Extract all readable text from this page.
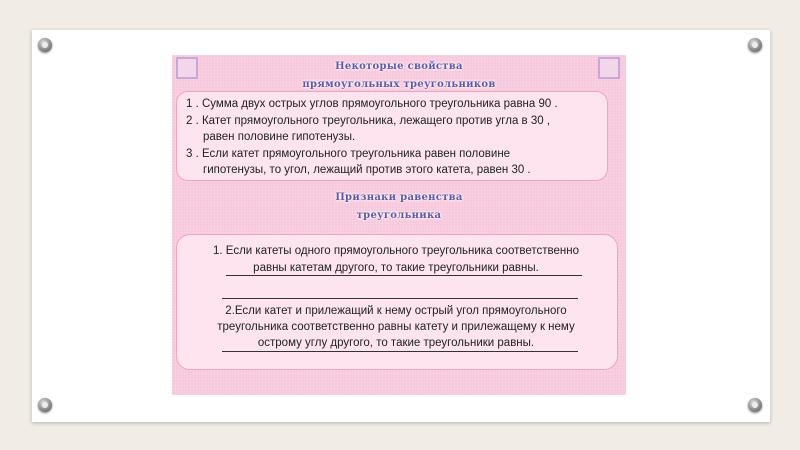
Некоторые свойства
прямоугольных треугольников
Признаки равенства
треугольника
1 . Сумма двух острых углов прямоугольного треугольника равна 90 .
2 . Катет прямоугольного треугольника, лежащего против угла в 30 ,
равен половине гипотенузы.
3 . Если катет прямоугольного треугольника равен половине
гипотенузы, то угол, лежащий против этого катета, равен 30 .
1. Если катеты одного прямоугольного треугольника соответственно
равны катетам другого, то такие треугольники равны.
2.Если катет и прилежащий к нему острый угол прямоугольного
треугольника соответственно равны катету и прилежащему к нему
острому углу другого, то такие треугольники равны.
